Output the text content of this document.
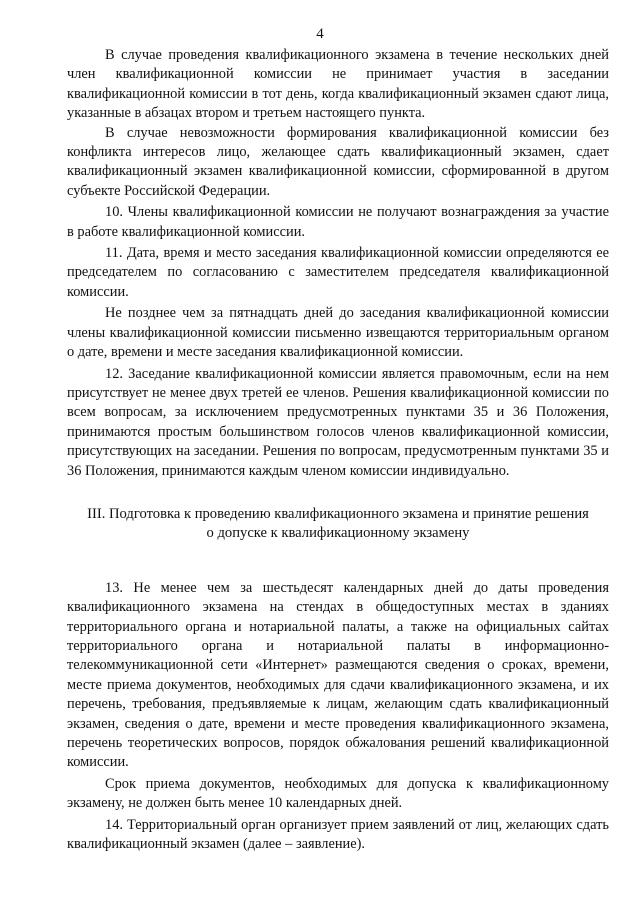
4

В случае проведения квалификационного экзамена в течение нескольких дней член квалификационной комиссии не принимает участия в заседании квалификационной комиссии в тот день, когда квалификационный экзамен сдают лица, указанные в абзацах втором и третьем настоящего пункта.

В случае невозможности формирования квалификационной комиссии без конфликта интересов лицо, желающее сдать квалификационный экзамен, сдает квалификационный экзамен квалификационной комиссии, сформированной в другом субъекте Российской Федерации.

10. Члены квалификационной комиссии не получают вознаграждения за участие в работе квалификационной комиссии.

11. Дата, время и место заседания квалификационной комиссии определяются ее председателем по согласованию с заместителем председателя квалификационной комиссии.

Не позднее чем за пятнадцать дней до заседания квалификационной комиссии члены квалификационной комиссии письменно извещаются территориальным органом о дате, времени и месте заседания квалификационной комиссии.

12. Заседание квалификационной комиссии является правомочным, если на нем присутствует не менее двух третей ее членов. Решения квалификационной комиссии по всем вопросам, за исключением предусмотренных пунктами 35 и 36 Положения, принимаются простым большинством голосов членов квалификационной комиссии, присутствующих на заседании. Решения по вопросам, предусмотренным пунктами 35 и 36 Положения, принимаются каждым членом комиссии индивидуально.

III. Подготовка к проведению квалификационного экзамена и принятие решения
о допуске к квалификационному экзамену

13. Не менее чем за шестьдесят календарных дней до даты проведения квалификационного экзамена на стендах в общедоступных местах в зданиях территориального органа и нотариальной палаты, а также на официальных сайтах территориального органа и нотариальной палаты в информационно-телекоммуникационной сети «Интернет» размещаются сведения о сроках, времени, месте приема документов, необходимых для сдачи квалификационного экзамена, и их перечень, требования, предъявляемые к лицам, желающим сдать квалификационный экзамен, сведения о дате, времени и месте проведения квалификационного экзамена, перечень теоретических вопросов, порядок обжалования решений квалификационной комиссии.

Срок приема документов, необходимых для допуска к квалификационному экзамену, не должен быть менее 10 календарных дней.

14. Территориальный орган организует прием заявлений от лиц, желающих сдать квалификационный экзамен (далее – заявление).
